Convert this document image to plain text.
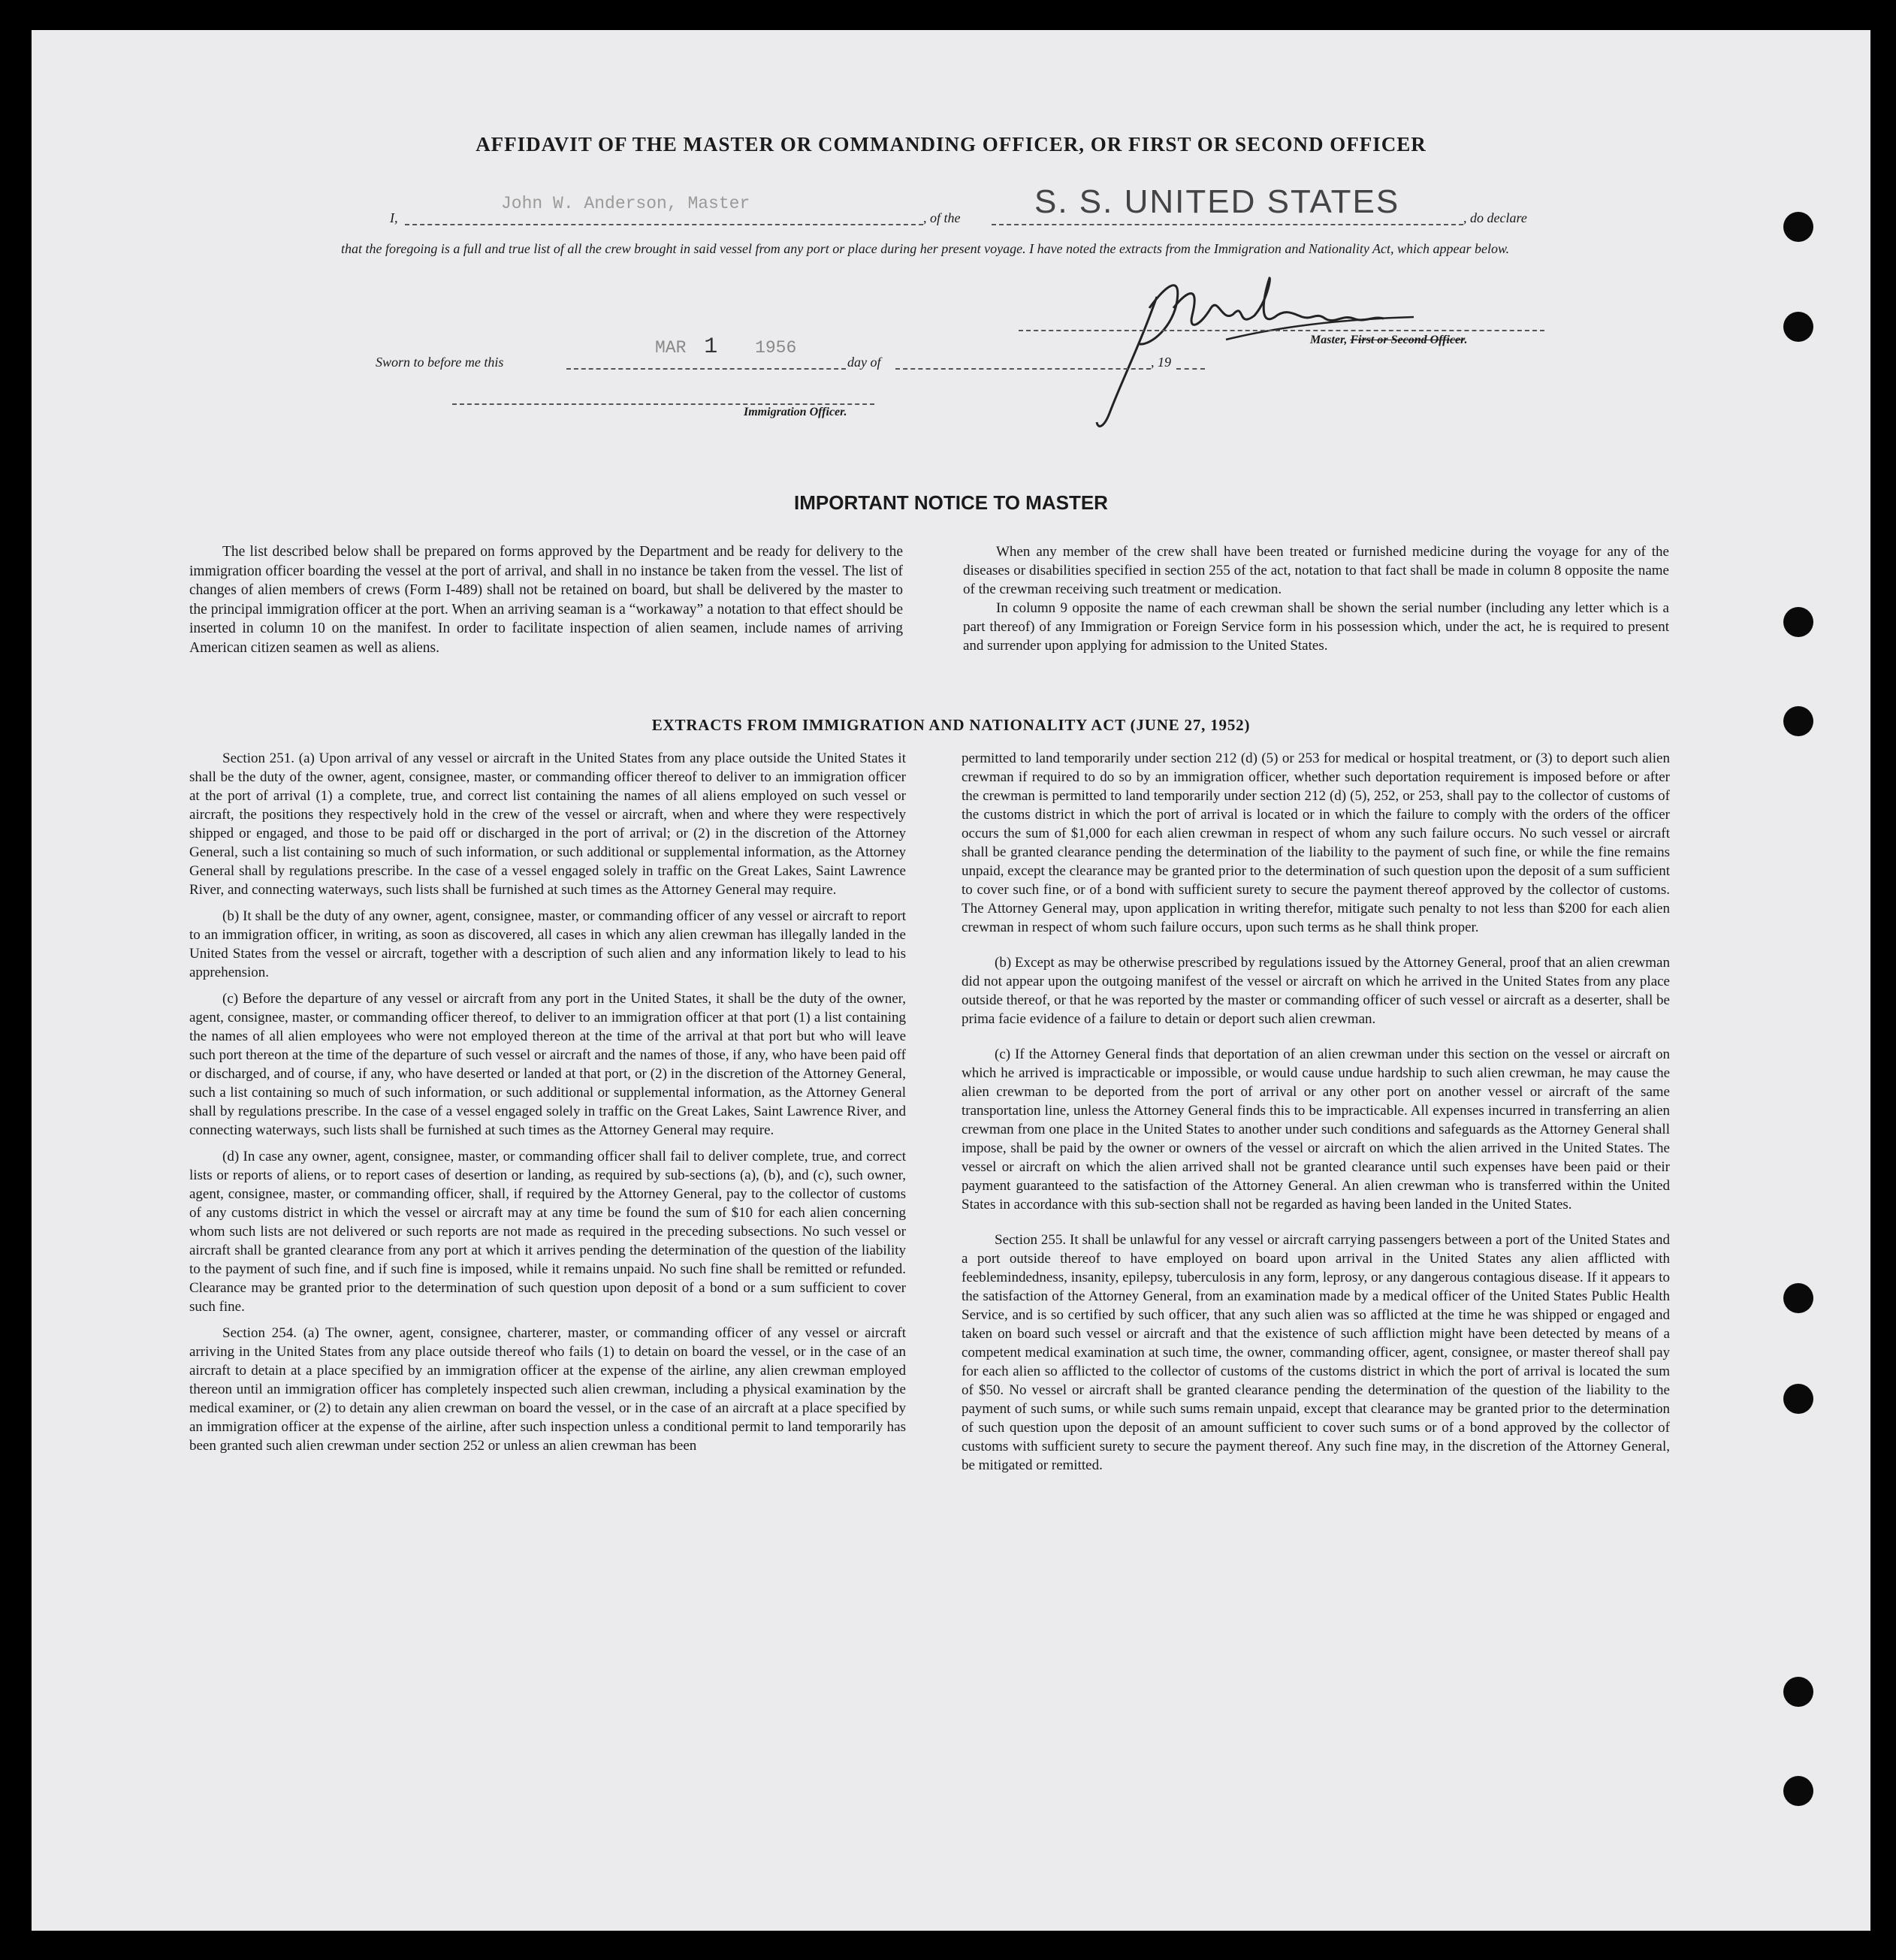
AFFIDAVIT OF THE MASTER OR COMMANDING OFFICER, OR FIRST OR SECOND OFFICER
I,
John W. Anderson, Master
, of the S. S. UNITED STATES	, do declare
that the foregoing is a full and true list of all the crew brought in said vessel from any port or place during her present voyage. I have noted the extracts from the Immigration and Nationality Act, which appear below.
Master, First or Second Officer.
Sworn to before me this
MAR 1 1956
day of	, 19
Immigration Officer.
IMPORTANT NOTICE TO MASTER

The list described below shall be prepared on forms approved by the Department and be ready for delivery to the immigration officer boarding the vessel at the port of arrival, and shall in no instance be taken from the vessel. The list of changes of alien members of crews (Form I-489) shall not be retained on board, but shall be delivered by the master to the principal immigration officer at the port. When an arriving seaman is a “workaway” a notation to that effect should be inserted in column 10 on the manifest. In order to facilitate inspection of alien seamen, include names of arriving American citizen seamen as well as aliens.

When any member of the crew shall have been treated or furnished medicine during the voyage for any of the diseases or disabilities specified in section 255 of the act, notation to that fact shall be made in column 8 opposite the name of the crewman receiving such treatment or medication.

In column 9 opposite the name of each crewman shall be shown the serial number (including any letter which is a part thereof) of any Immigration or Foreign Service form in his possession which, under the act, he is required to present and surrender upon applying for admission to the United States.

EXTRACTS FROM IMMIGRATION AND NATIONALITY ACT (JUNE 27, 1952)

Section 251. (a) Upon arrival of any vessel or aircraft in the United States from any place outside the United States it shall be the duty of the owner, agent, consignee, master, or commanding officer thereof to deliver to an immigration officer at the port of arrival (1) a complete, true, and correct list containing the names of all aliens employed on such vessel or aircraft, the positions they respectively hold in the crew of the vessel or aircraft, when and where they were respectively shipped or engaged, and those to be paid off or discharged in the port of arrival; or (2) in the discretion of the Attorney General, such a list containing so much of such information, or such additional or supplemental information, as the Attorney General shall by regulations prescribe. In the case of a vessel engaged solely in traffic on the Great Lakes, Saint Lawrence River, and connecting waterways, such lists shall be furnished at such times as the Attorney General may require.

(b) It shall be the duty of any owner, agent, consignee, master, or commanding officer of any vessel or aircraft to report to an immigration officer, in writing, as soon as discovered, all cases in which any alien crewman has illegally landed in the United States from the vessel or aircraft, together with a description of such alien and any information likely to lead to his apprehension.

(c) Before the departure of any vessel or aircraft from any port in the United States, it shall be the duty of the owner, agent, consignee, master, or commanding officer thereof, to deliver to an immigration officer at that port (1) a list containing the names of all alien employees who were not employed thereon at the time of the arrival at that port but who will leave such port thereon at the time of the departure of such vessel or aircraft and the names of those, if any, who have been paid off or discharged, and of course, if any, who have deserted or landed at that port, or (2) in the discretion of the Attorney General, such a list containing so much of such information, or such additional or supplemental information, as the Attorney General shall by regulations prescribe. In the case of a vessel engaged solely in traffic on the Great Lakes, Saint Lawrence River, and connecting waterways, such lists shall be furnished at such times as the Attorney General may require.

(d) In case any owner, agent, consignee, master, or commanding officer shall fail to deliver complete, true, and correct lists or reports of aliens, or to report cases of desertion or landing, as required by sub-sections (a), (b), and (c), such owner, agent, consignee, master, or commanding officer, shall, if required by the Attorney General, pay to the collector of customs of any customs district in which the vessel or aircraft may at any time be found the sum of $10 for each alien concerning whom such lists are not delivered or such reports are not made as required in the preceding subsections. No such vessel or aircraft shall be granted clearance from any port at which it arrives pending the determination of the question of the liability to the payment of such fine, and if such fine is imposed, while it remains unpaid. No such fine shall be remitted or refunded. Clearance may be granted prior to the determination of such question upon deposit of a bond or a sum sufficient to cover such fine.

Section 254. (a) The owner, agent, consignee, charterer, master, or commanding officer of any vessel or aircraft arriving in the United States from any place outside thereof who fails (1) to detain on board the vessel, or in the case of an aircraft to detain at a place specified by an immigration officer at the expense of the airline, any alien crewman employed thereon until an immigration officer has completely inspected such alien crewman, including a physical examination by the medical examiner, or (2) to detain any alien crewman on board the vessel, or in the case of an aircraft at a place specified by an immigration officer at the expense of the airline, after such inspection unless a conditional permit to land temporarily has been granted such alien crewman under section 252 or unless an alien crewman has been

permitted to land temporarily under section 212 (d) (5) or 253 for medical or hospital treatment, or (3) to deport such alien crewman if required to do so by an immigration officer, whether such deportation requirement is imposed before or after the crewman is permitted to land temporarily under section 212 (d) (5), 252, or 253, shall pay to the collector of customs of the customs district in which the port of arrival is located or in which the failure to comply with the orders of the officer occurs the sum of $1,000 for each alien crewman in respect of whom any such failure occurs. No such vessel or aircraft shall be granted clearance pending the determination of the liability to the payment of such fine, or while the fine remains unpaid, except the clearance may be granted prior to the determination of such question upon the deposit of a sum sufficient to cover such fine, or of a bond with sufficient surety to secure the payment thereof approved by the collector of customs. The Attorney General may, upon application in writing therefor, mitigate such penalty to not less than $200 for each alien crewman in respect of whom such failure occurs, upon such terms as he shall think proper.

(b) Except as may be otherwise prescribed by regulations issued by the Attorney General, proof that an alien crewman did not appear upon the outgoing manifest of the vessel or aircraft on which he arrived in the United States from any place outside thereof, or that he was reported by the master or commanding officer of such vessel or aircraft as a deserter, shall be prima facie evidence of a failure to detain or deport such alien crewman.

(c) If the Attorney General finds that deportation of an alien crewman under this section on the vessel or aircraft on which he arrived is impracticable or impossible, or would cause undue hardship to such alien crewman, he may cause the alien crewman to be deported from the port of arrival or any other port on another vessel or aircraft of the same transportation line, unless the Attorney General finds this to be impracticable. All expenses incurred in transferring an alien crewman from one place in the United States to another under such conditions and safeguards as the Attorney General shall impose, shall be paid by the owner or owners of the vessel or aircraft on which the alien arrived in the United States. The vessel or aircraft on which the alien arrived shall not be granted clearance until such expenses have been paid or their payment guaranteed to the satisfaction of the Attorney General. An alien crewman who is transferred within the United States in accordance with this sub-section shall not be regarded as having been landed in the United States.

Section 255. It shall be unlawful for any vessel or aircraft carrying passengers between a port of the United States and a port outside thereof to have employed on board upon arrival in the United States any alien afflicted with feeblemindedness, insanity, epilepsy, tuberculosis in any form, leprosy, or any dangerous contagious disease. If it appears to the satisfaction of the Attorney General, from an examination made by a medical officer of the United States Public Health Service, and is so certified by such officer, that any such alien was so afflicted at the time he was shipped or engaged and taken on board such vessel or aircraft and that the existence of such affliction might have been detected by means of a competent medical examination at such time, the owner, commanding officer, agent, consignee, or master thereof shall pay for each alien so afflicted to the collector of customs of the customs district in which the port of arrival is located the sum of $50. No vessel or aircraft shall be granted clearance pending the determination of the question of the liability to the payment of such sums, or while such sums remain unpaid, except that clearance may be granted prior to the determination of such question upon the deposit of an amount sufficient to cover such sums or of a bond approved by the collector of customs with sufficient surety to secure the payment thereof. Any such fine may, in the discretion of the Attorney General, be mitigated or remitted.
